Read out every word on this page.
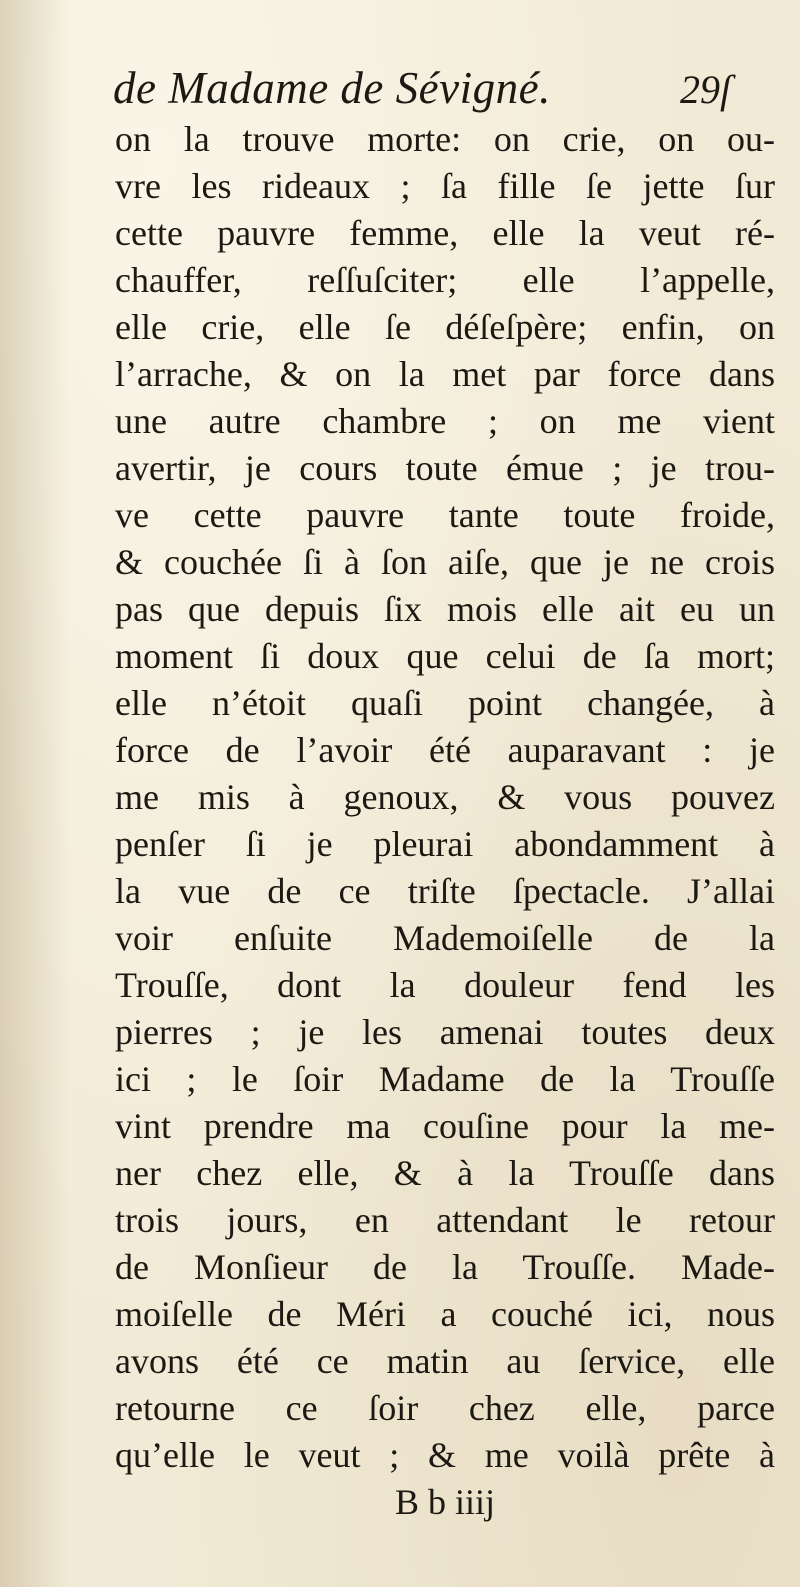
de Madame de Sévigné.	29ſ
on la trouve morte: on crie, on ou-
vre les rideaux ; ſa fille ſe jette ſur
cette pauvre femme, elle la veut ré-
chauffer, reſſuſciter; elle l’appelle,
elle crie, elle ſe déſeſpère; enfin, on
l’arrache, & on la met par force dans
une autre chambre ; on me vient
avertir, je cours toute émue ; je trou-
ve cette pauvre tante toute froide,
& couchée ſi à ſon aiſe, que je ne crois
pas que depuis ſix mois elle ait eu un
moment ſi doux que celui de ſa mort;
elle n’étoit quaſi point changée, à
force de l’avoir été auparavant : je
me mis à genoux, & vous pouvez
penſer ſi je pleurai abondamment à
la vue de ce triſte ſpectacle. J’allai
voir enſuite Mademoiſelle de la
Trouſſe, dont la douleur fend les
pierres ; je les amenai toutes deux
ici ; le ſoir Madame de la Trouſſe
vint prendre ma couſine pour la me-
ner chez elle, & à la Trouſſe dans
trois jours, en attendant le retour
de Monſieur de la Trouſſe. Made-
moiſelle de Méri a couché ici, nous
avons été ce matin au ſervice, elle
retourne ce ſoir chez elle, parce
qu’elle le veut ; & me voilà prête à
B b iiij
